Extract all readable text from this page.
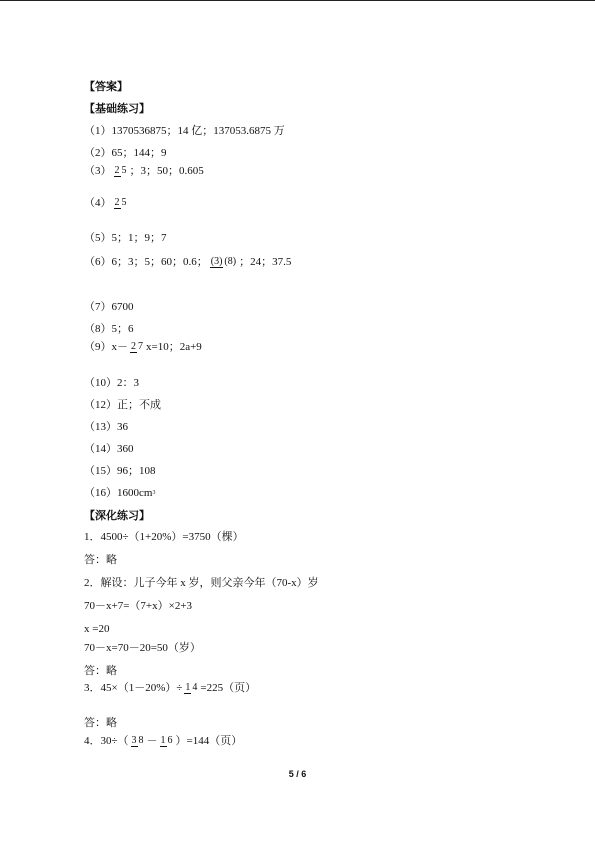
【答案】
【基础练习】
（1）1370536875；14 亿；137053.6875 万
（2）65；144；9
（3） 2 5 ；3；50；0.605
（4） 2 5
（5）5；1；9；7
（6）6；3；5；60；0.6； (3) (8) ；24；37.5
（7）6700
（8）5；6
（9）x－ 2 7 x=10；2a+9
（10）2：3
（12）正；不成
（13）36
（14）360
（15）96；108
（16）1600cm 3
【深化练习】
1．4500÷（1+20%）=3750（棵）
答：略
2．解设：儿子今年 x 岁，则父亲今年（70-x）岁
70－x+7=（7+x）×2+3
x =20
70－x=70－20=50（岁）
答：略
3．45×（1－20%）÷ 1 4 =225（页）
答：略
4．30÷（ 3 8 － 1 6 ）=144（页）
5 / 6
